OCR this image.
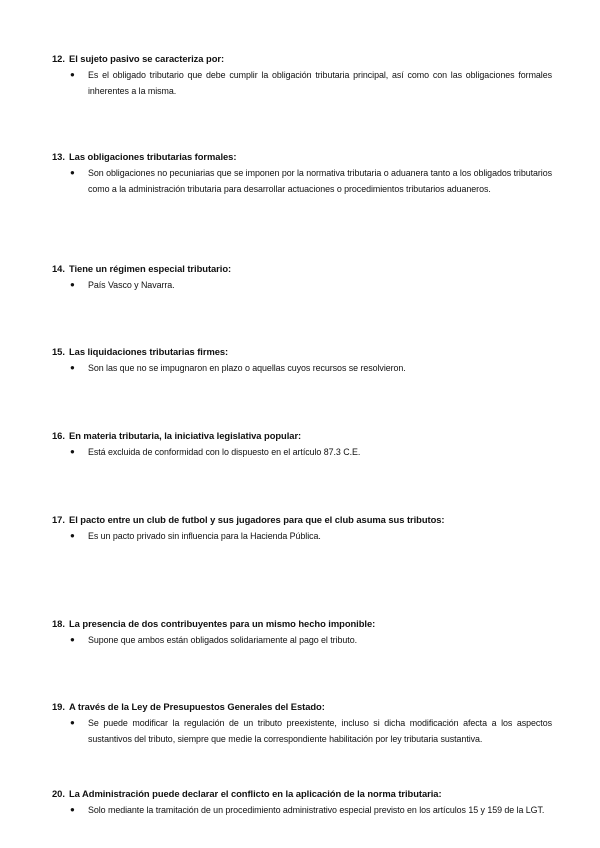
12. El sujeto pasivo se caracteriza por:
● Es el obligado tributario que debe cumplir la obligación tributaria principal, así como con las obligaciones formales inherentes a la misma.
13. Las obligaciones tributarias formales:
● Son obligaciones no pecuniarias que se imponen por la normativa tributaria o aduanera tanto a los obligados tributarios como a la administración tributaria para desarrollar actuaciones o procedimientos tributarios aduaneros.
14. Tiene un régimen especial tributario:
● País Vasco y Navarra.
15. Las liquidaciones tributarias firmes:
● Son las que no se impugnaron en plazo o aquellas cuyos recursos se resolvieron.
16. En materia tributaria, la iniciativa legislativa popular:
● Está excluida de conformidad con lo dispuesto en el artículo 87.3 C.E.
17. El pacto entre un club de futbol y sus jugadores para que el club asuma sus tributos:
● Es un pacto privado sin influencia para la Hacienda Pública.
18. La presencia de dos contribuyentes para un mismo hecho imponible:
● Supone que ambos están obligados solidariamente al pago el tributo.
19. A través de la Ley de Presupuestos Generales del Estado:
● Se puede modificar la regulación de un tributo preexistente, incluso si dicha modificación afecta a los aspectos sustantivos del tributo, siempre que medie la correspondiente habilitación por ley tributaria sustantiva.
20. La Administración puede declarar el conflicto en la aplicación de la norma tributaria:
● Solo mediante la tramitación de un procedimiento administrativo especial previsto en los artículos 15 y 159 de la LGT.
